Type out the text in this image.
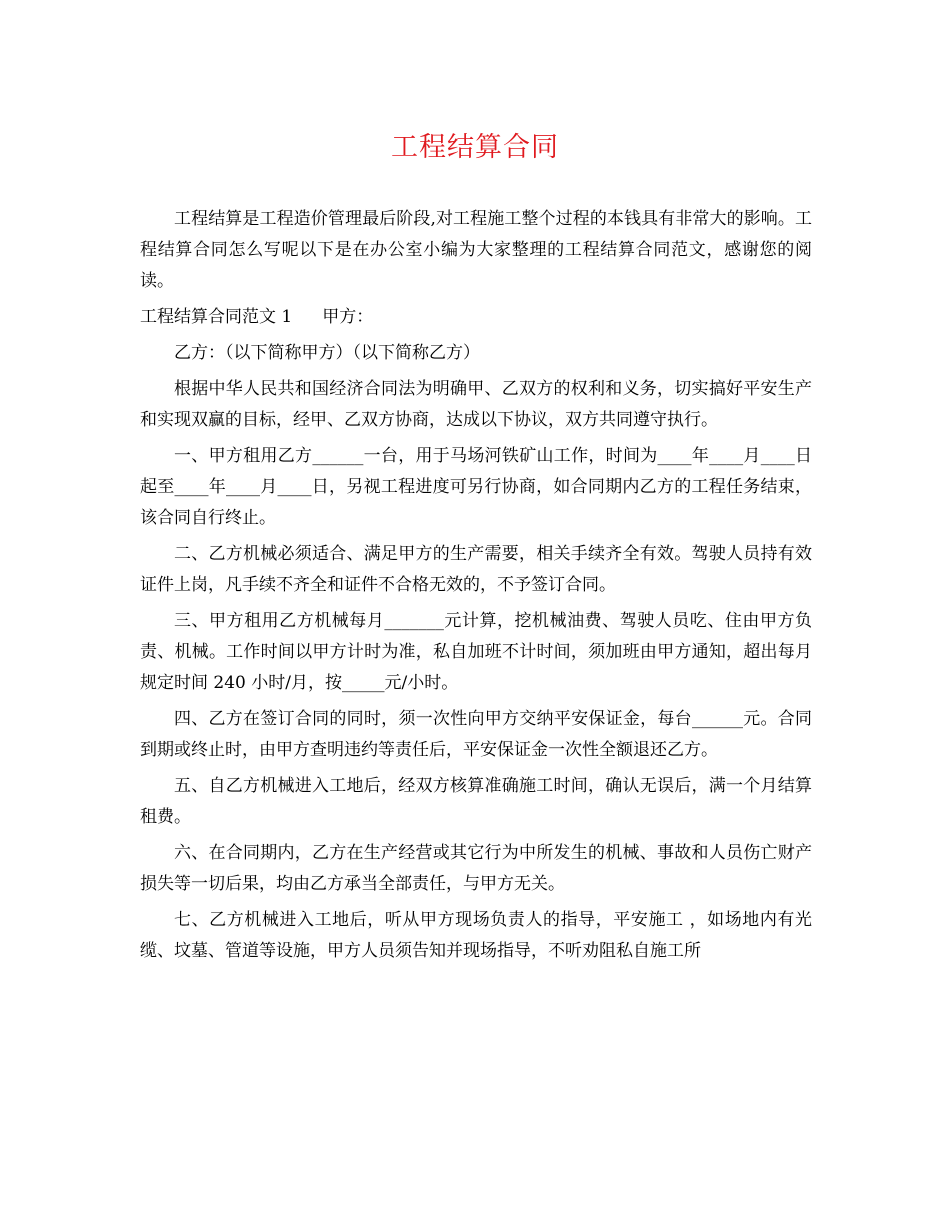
工程结算合同

工程结算是工程造价管理最后阶段,对工程施工整个过程的本钱具有非常大的影响。工程结算合同怎么写呢以下是在办公室小编为大家整理的工程结算合同范文，感谢您的阅读。

工程结算合同范文 1 甲方：

乙方：（以下简称甲方）（以下简称乙方）

根据中华人民共和国经济合同法为明确甲、乙双方的权利和义务，切实搞好平安生产和实现双赢的目标，经甲、乙双方协商，达成以下协议，双方共同遵守执行。

一、甲方租用乙方______一台，用于马场河铁矿山工作，时间为____年____月____日起至____年____月____日，另视工程进度可另行协商，如合同期内乙方的工程任务结束，该合同自行终止。

二、乙方机械必须适合、满足甲方的生产需要，相关手续齐全有效。驾驶人员持有效证件上岗，凡手续不齐全和证件不合格无效的，不予签订合同。

三、甲方租用乙方机械每月_______元计算，挖机械油费、驾驶人员吃、住由甲方负责、机械。工作时间以甲方计时为准，私自加班不计时间，须加班由甲方通知，超出每月规定时间 240 小时/月，按_____元/小时。

四、乙方在签订合同的同时，须一次性向甲方交纳平安保证金，每台______元。合同到期或终止时，由甲方查明违约等责任后，平安保证金一次性全额退还乙方。

五、自乙方机械进入工地后，经双方核算准确施工时间，确认无误后，满一个月结算租费。

六、在合同期内，乙方在生产经营或其它行为中所发生的机械、事故和人员伤亡财产损失等一切后果，均由乙方承当全部责任，与甲方无关。

七、乙方机械进入工地后，听从甲方现场负责人的指导，平安施工 ，如场地内有光缆、坟墓、管道等设施，甲方人员须告知并现场指导，不听劝阻私自施工所
